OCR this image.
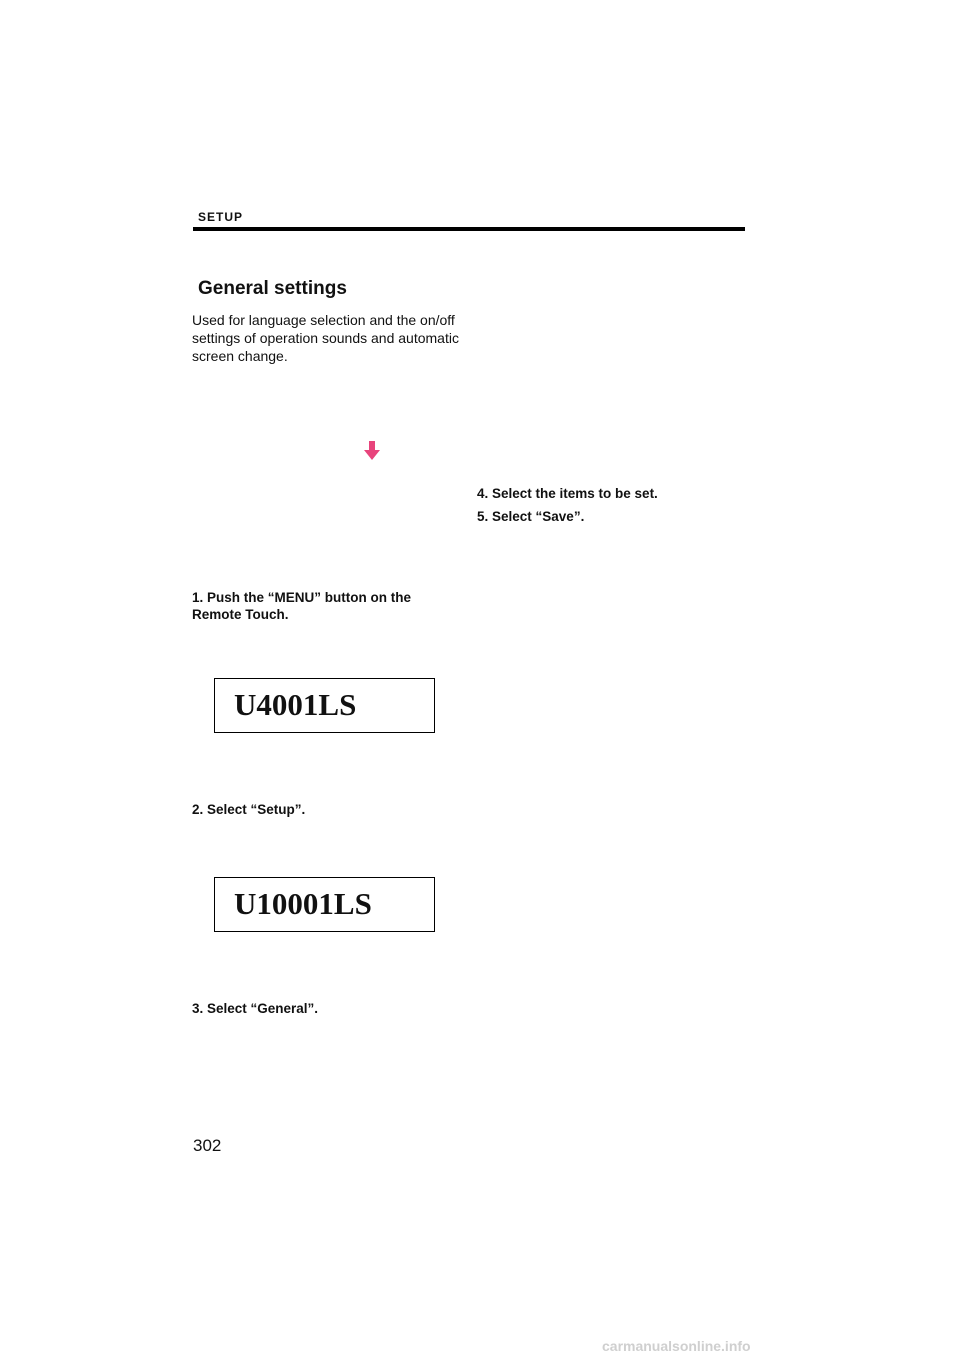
SETUP
General settings
Used for language selection and the on/off settings of operation sounds and automatic screen change.
1. Push the “MENU” button on the Remote Touch.
U4001LS
2. Select “Setup”.
U10001LS
3. Select “General”.
4. Select the items to be set.
5. Select “Save”.
302
carmanualsonline.info
